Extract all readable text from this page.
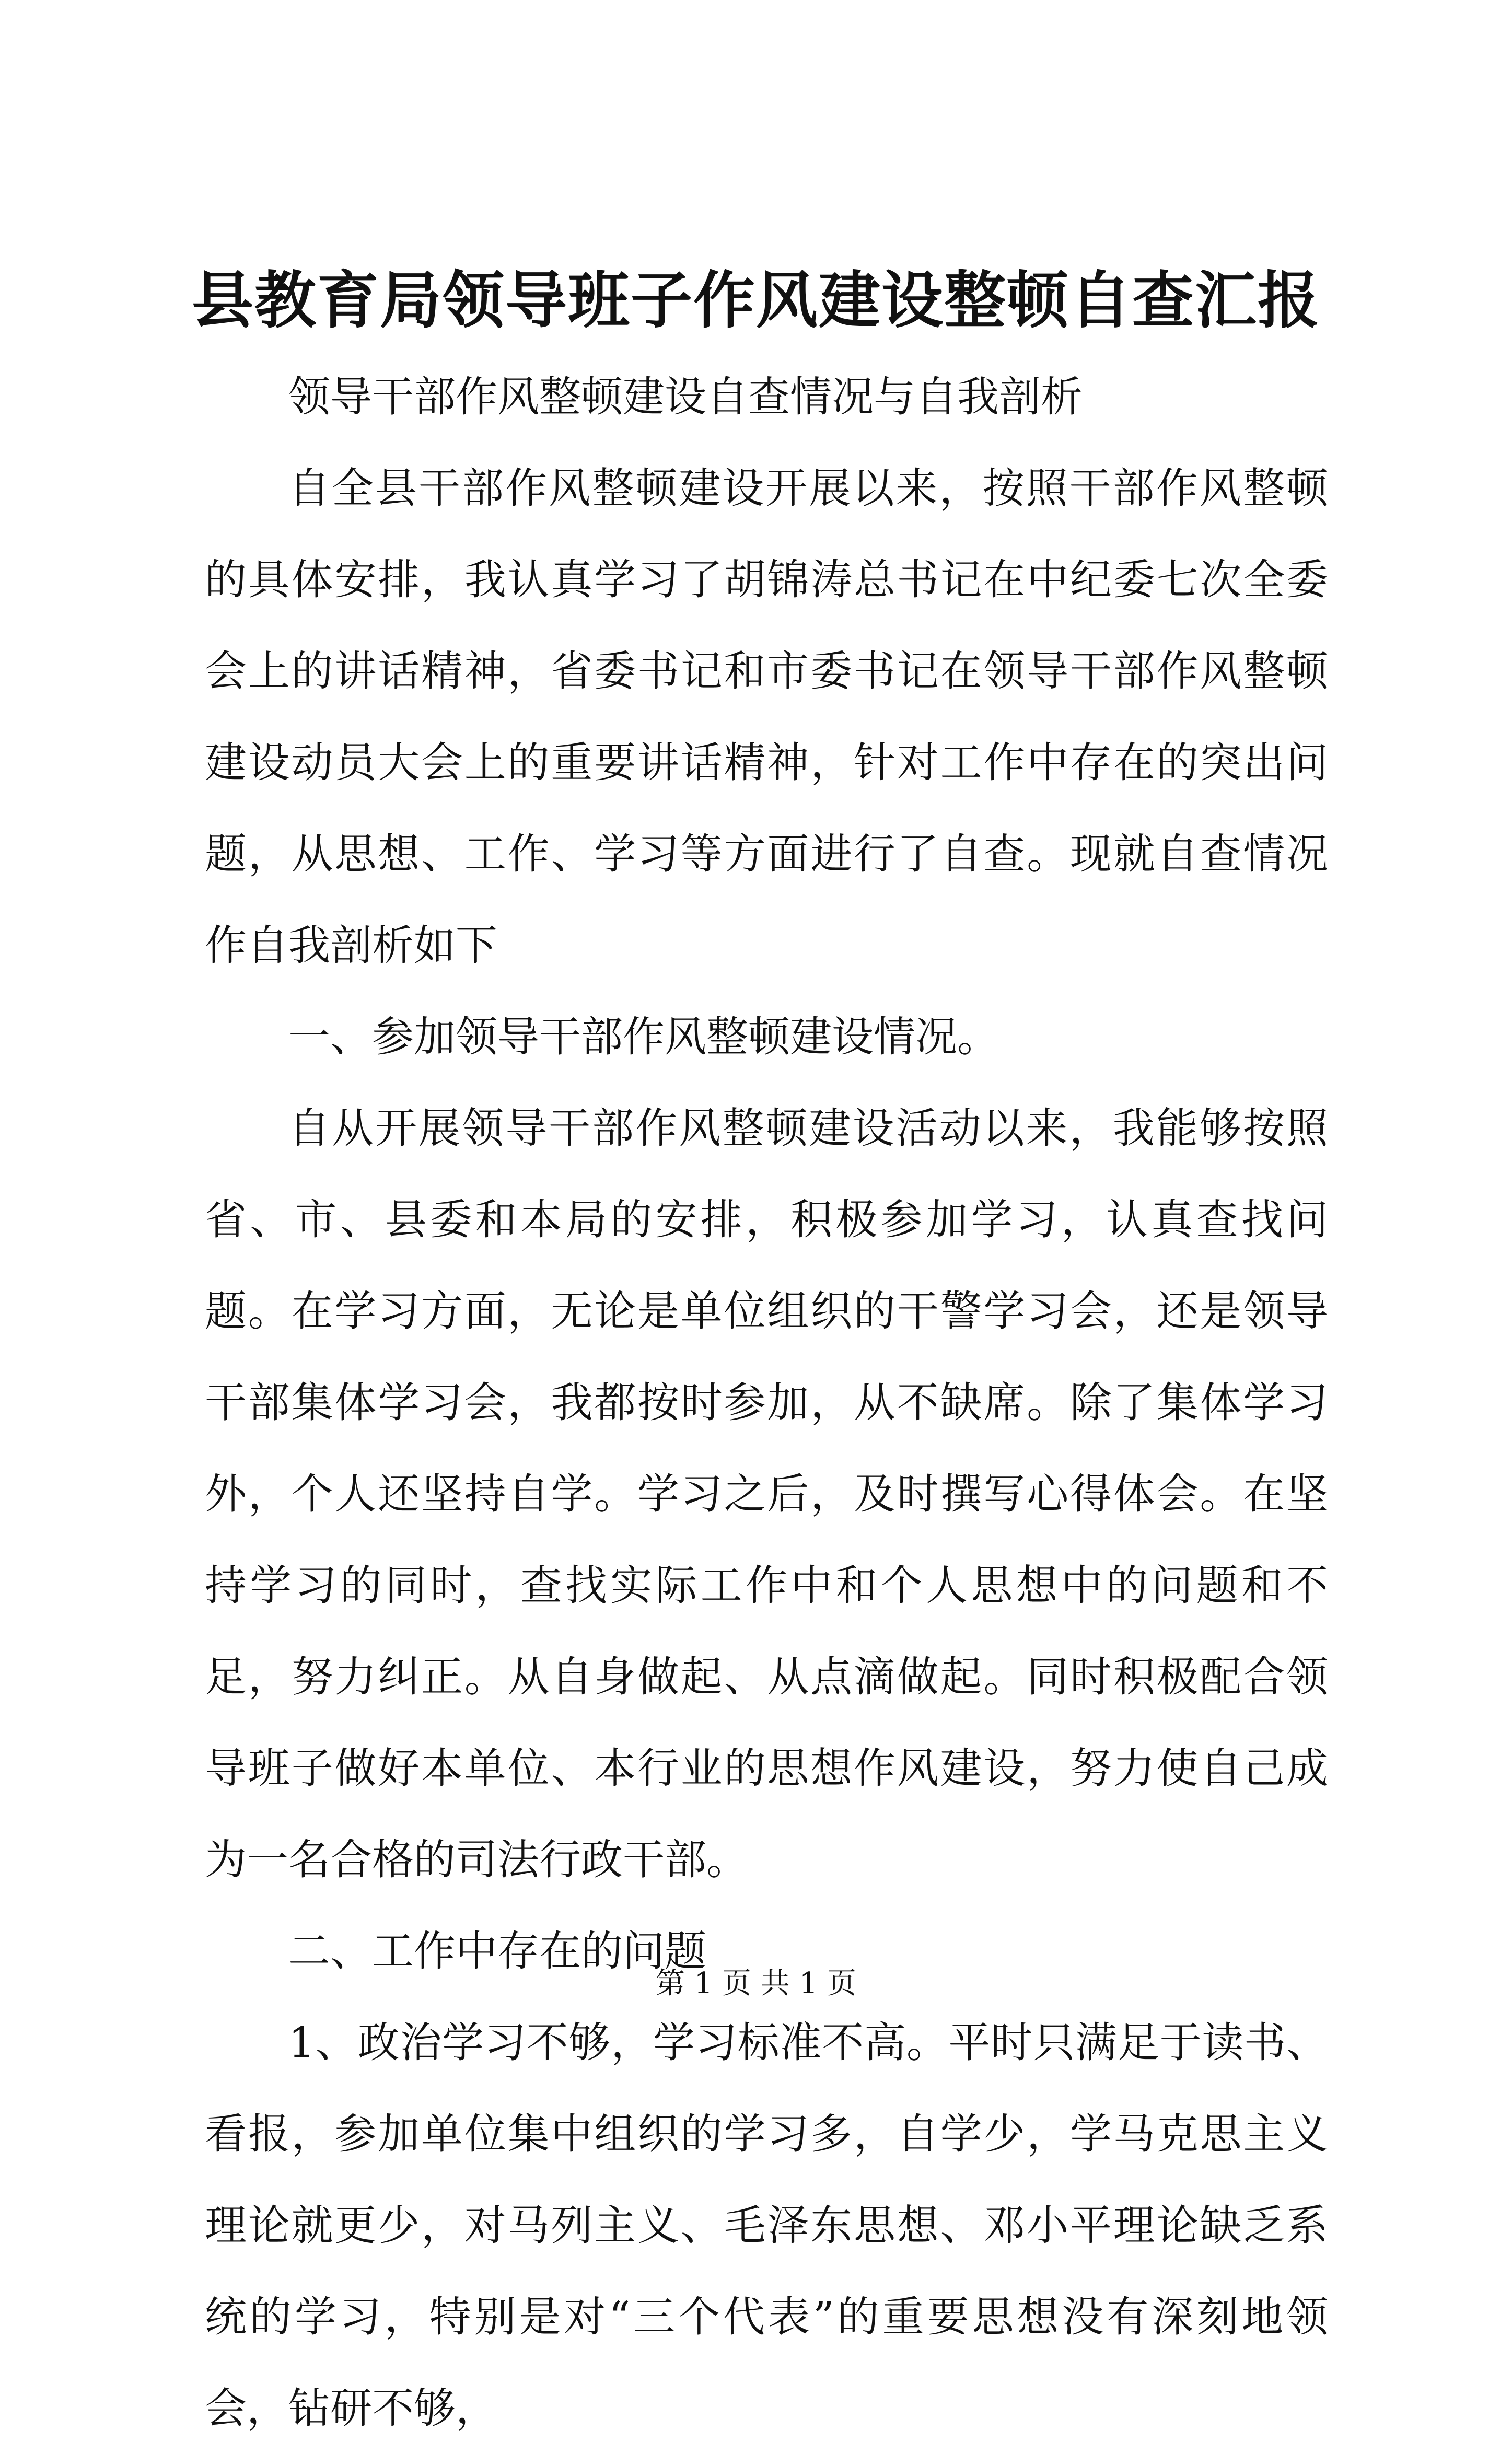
县教育局领导班子作风建设整顿自查汇报

领导干部作风整顿建设自查情况与自我剖析

自全县干部作风整顿建设开展以来，按照干部作风整顿的具体安排，我认真学习了胡锦涛总书记在中纪委七次全委会上的讲话精神，省委书记和市委书记在领导干部作风整顿建设动员大会上的重要讲话精神，针对工作中存在的突出问题，从思想、工作、学习等方面进行了自查。现就自查情况作自我剖析如下

一、参加领导干部作风整顿建设情况。

自从开展领导干部作风整顿建设活动以来，我能够按照省、市、县委和本局的安排，积极参加学习，认真查找问题。在学习方面，无论是单位组织的干警学习会，还是领导干部集体学习会，我都按时参加，从不缺席。除了集体学习外，个人还坚持自学。学习之后，及时撰写心得体会。在坚持学习的同时，查找实际工作中和个人思想中的问题和不足，努力纠正。从自身做起、从点滴做起。同时积极配合领导班子做好本单位、本行业的思想作风建设，努力使自己成为一名合格的司法行政干部。

二、工作中存在的问题

1、政治学习不够，学习标准不高。平时只满足于读书、看报，参加单位集中组织的学习多，自学少，学马克思主义理论就更少，对马列主义、毛泽东思想、邓小平理论缺乏系统的学习，特别是对“三个代表”的重要思想没有深刻地领会，钻研不够，

第 1 页 共 1 页
